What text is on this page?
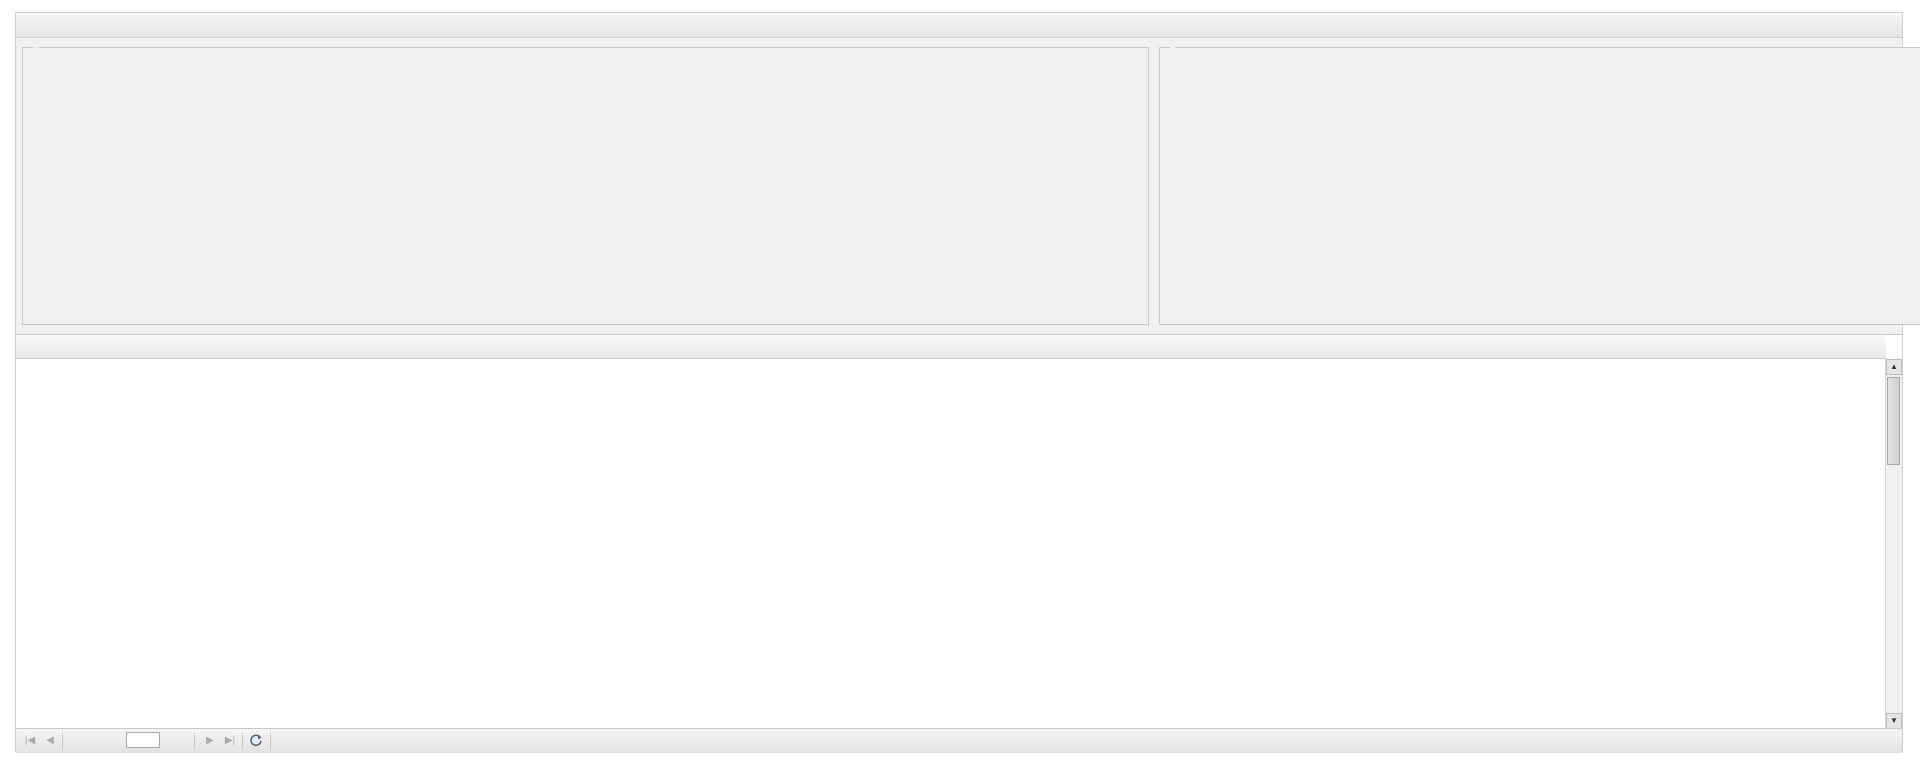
▲
▼
|◀	◀	▶	▶|
